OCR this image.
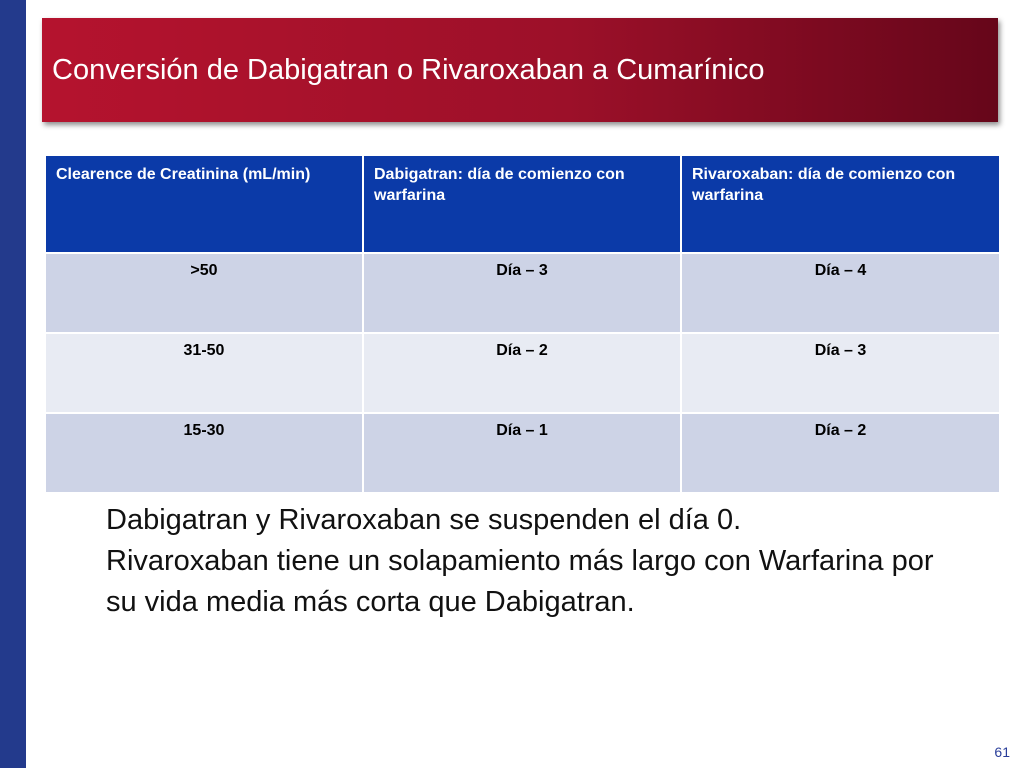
Conversión de Dabigatran o Rivaroxaban a Cumarínico
Clearence de Creatinina (mL/min)	Dabigatran: día de comienzo con warfarina	Rivaroxaban: día de comienzo con warfarina
>50	Día – 3	Día – 4
31-50	Día – 2	Día – 3
15-30	Día – 1	Día – 2
Dabigatran y Rivaroxaban se suspenden el día 0.
Rivaroxaban tiene un solapamiento más largo con Warfarina por su vida media más corta que Dabigatran.
61
